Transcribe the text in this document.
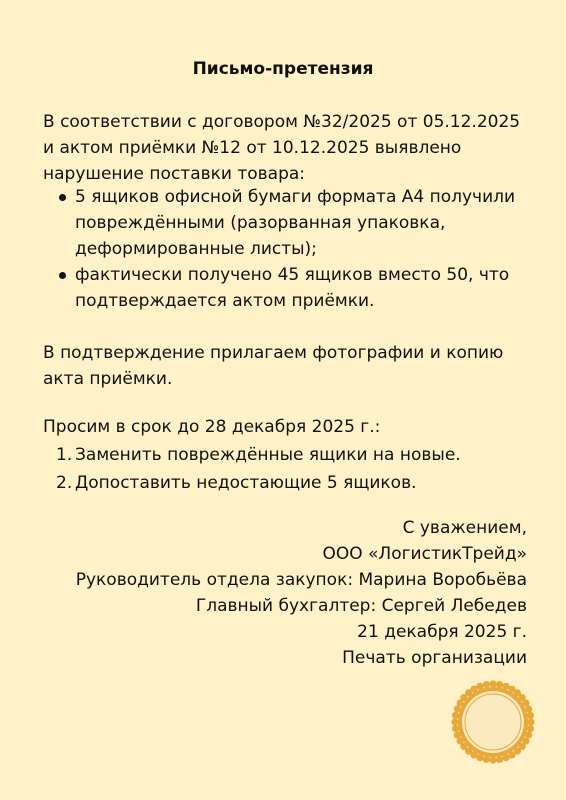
Письмо-претензия

В соответствии с договором №32/2025 от 05.12.2025 и актом приёмки №12 от 10.12.2025 выявлено нарушение поставки товара:

5 ящиков офисной бумаги формата А4 получили повреждёнными (разорванная упаковка, деформированные листы);
фактически получено 45 ящиков вместо 50, что подтверждается актом приёмки.

В подтверждение прилагаем фотографии и копию акта приёмки.

Просим в срок до 28 декабря 2025 г.:

1. Заменить повреждённые ящики на новые.
2. Допоставить недостающие 5 ящиков.
С уважением,
ООО «ЛогистикТрейд»
Руководитель отдела закупок: Марина Воробьёва
Главный бухгалтер: Сергей Лебедев
21 декабря 2025 г.
Печать организации
